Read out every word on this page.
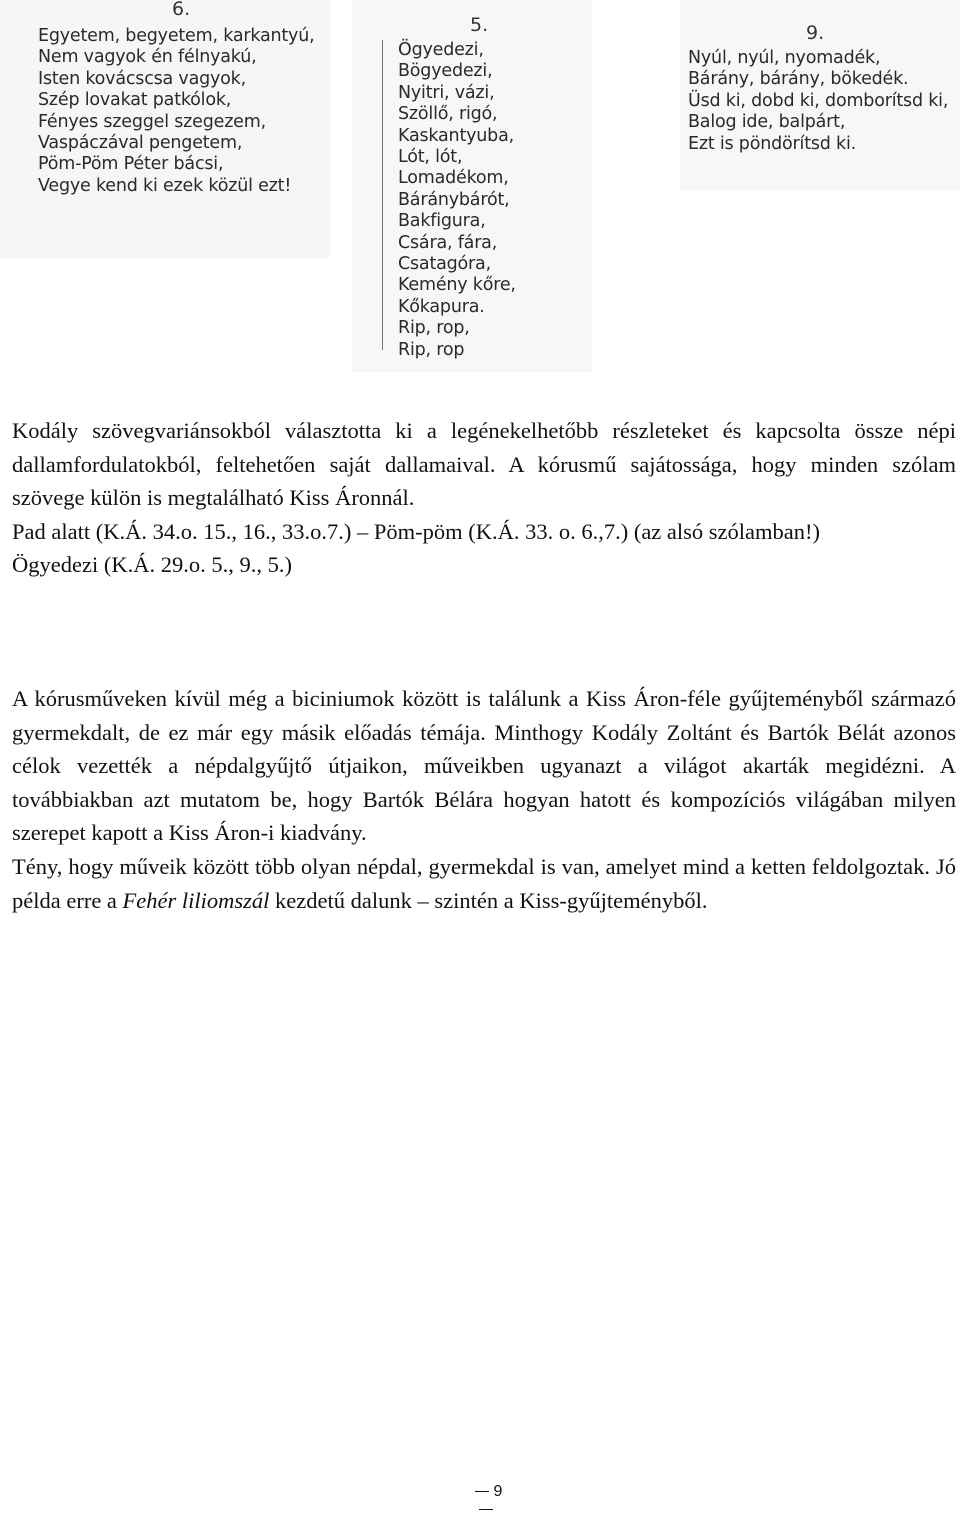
6.
Egyetem, begyetem, karkantyú,
Nem vagyok én félnyakú,
Isten kovácscsa vagyok,
Szép lovakat patkólok,
Fényes szeggel szegezem,
Vaspáczával pengetem,
Pöm-Pöm Péter bácsi,
Vegye kend ki ezek közül ezt!
5.
Ögyedezi,
Bögyedezi,
Nyitri, vázi,
Szöllő, rigó,
Kaskantyuba,
Lót, lót,
Lomadékom,
Báránybárót,
Bakfigura,
Csára, fára,
Csatagóra,
Kemény kőre,
Kőkapura.
Rip, rop,
Rip, rop
9.
Nyúl, nyúl, nyomadék,
Bárány, bárány, bökedék.
Üsd ki, dobd ki, domborítsd ki,
Balog ide, balpárt,
Ezt is pöndörítsd ki.

Kodály szövegvariánsokból választotta ki a legénekelhetőbb részleteket és kapcsolta össze népi dallamfordulatokból, feltehetően saját dallamaival. A kórusmű sajátossága, hogy minden szólam szövege külön is megtalálható Kiss Áronnál.

Pad alatt (K.Á. 34.o. 15., 16., 33.o.7.) – Pöm-pöm (K.Á. 33. o. 6.,7.) (az alsó szólamban!)

Ögyedezi (K.Á. 29.o. 5., 9., 5.)

A kórusműveken kívül még a biciniumok között is találunk a Kiss Áron-féle gyűjteményből származó gyermekdalt, de ez már egy másik előadás témája. Minthogy Kodály Zoltánt és Bartók Bélát azonos célok vezették a népdalgyűjtő útjaikon, műveikben ugyanazt a világot akarták megidézni. A továbbiakban azt mutatom be, hogy Bartók Bélára hogyan hatott és kompozíciós világában milyen szerepet kapott a Kiss Áron-i kiadvány.

Tény, hogy műveik között több olyan népdal, gyermekdal is van, amelyet mind a ketten feldolgoztak. Jó példa erre a Fehér liliomszál kezdetű dalunk – szintén a Kiss-gyűjteményből.

9
